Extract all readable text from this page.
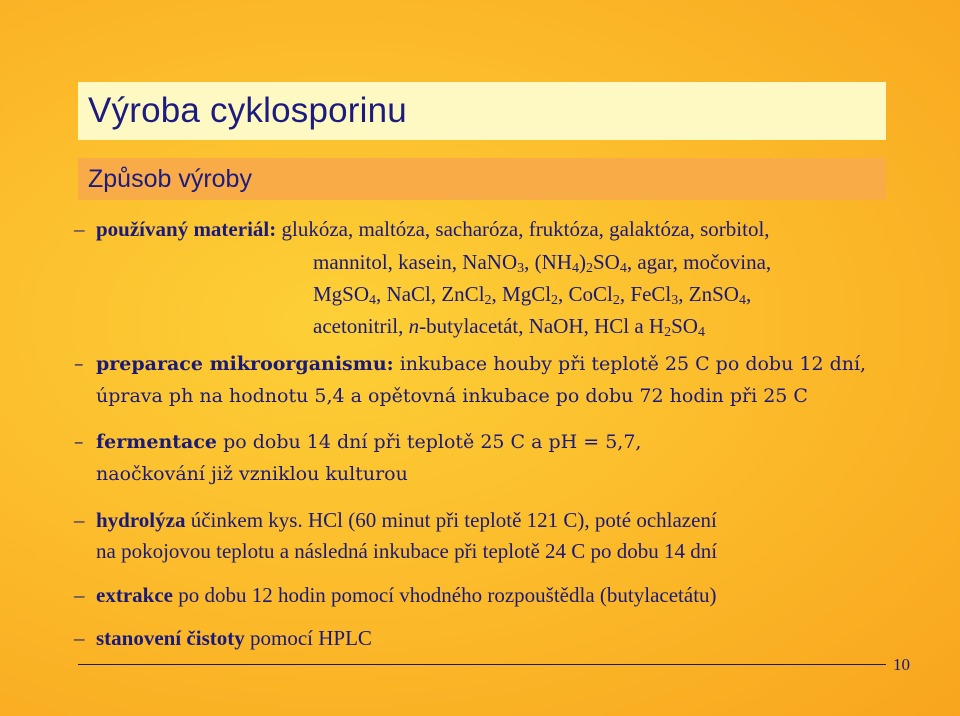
Výroba cyklosporinu
Způsob výroby
– používaný materiál: glukóza, maltóza, sacharóza, fruktóza, galaktóza, sorbitol,
mannitol, kasein, NaNO$_3$, $(NH_4)_2SO_4$, agar, močovina,
MgSO$_4$, NaCl, ZnCl$_2$, MgCl$_2$, CoCl$_2$, FeCl$_3$, ZnSO$_4$,
acetonitril, n-butylacetát, NaOH, HCl a $H_2SO_4$
– preparace mikroorganismu: inkubace houby při teplotě 25 C po dobu 12 dní,
úprava ph na hodnotu 5,4 a opětovná inkubace po dobu 72 hodin při 25 C
– fermentace po dobu 14 dní při teplotě 25 C a pH = 5,7,
naočkování již vzniklou kulturou
– hydrolýza účinkem kys. HCl (60 minut při teplotě 121 C), poté ochlazení
na pokojovou teplotu a následná inkubace při teplotě 24 C po dobu 14 dní
– extrakce po dobu 12 hodin pomocí vhodného rozpouštědla (butylacetátu)
– stanovení čistoty pomocí HPLC
10
